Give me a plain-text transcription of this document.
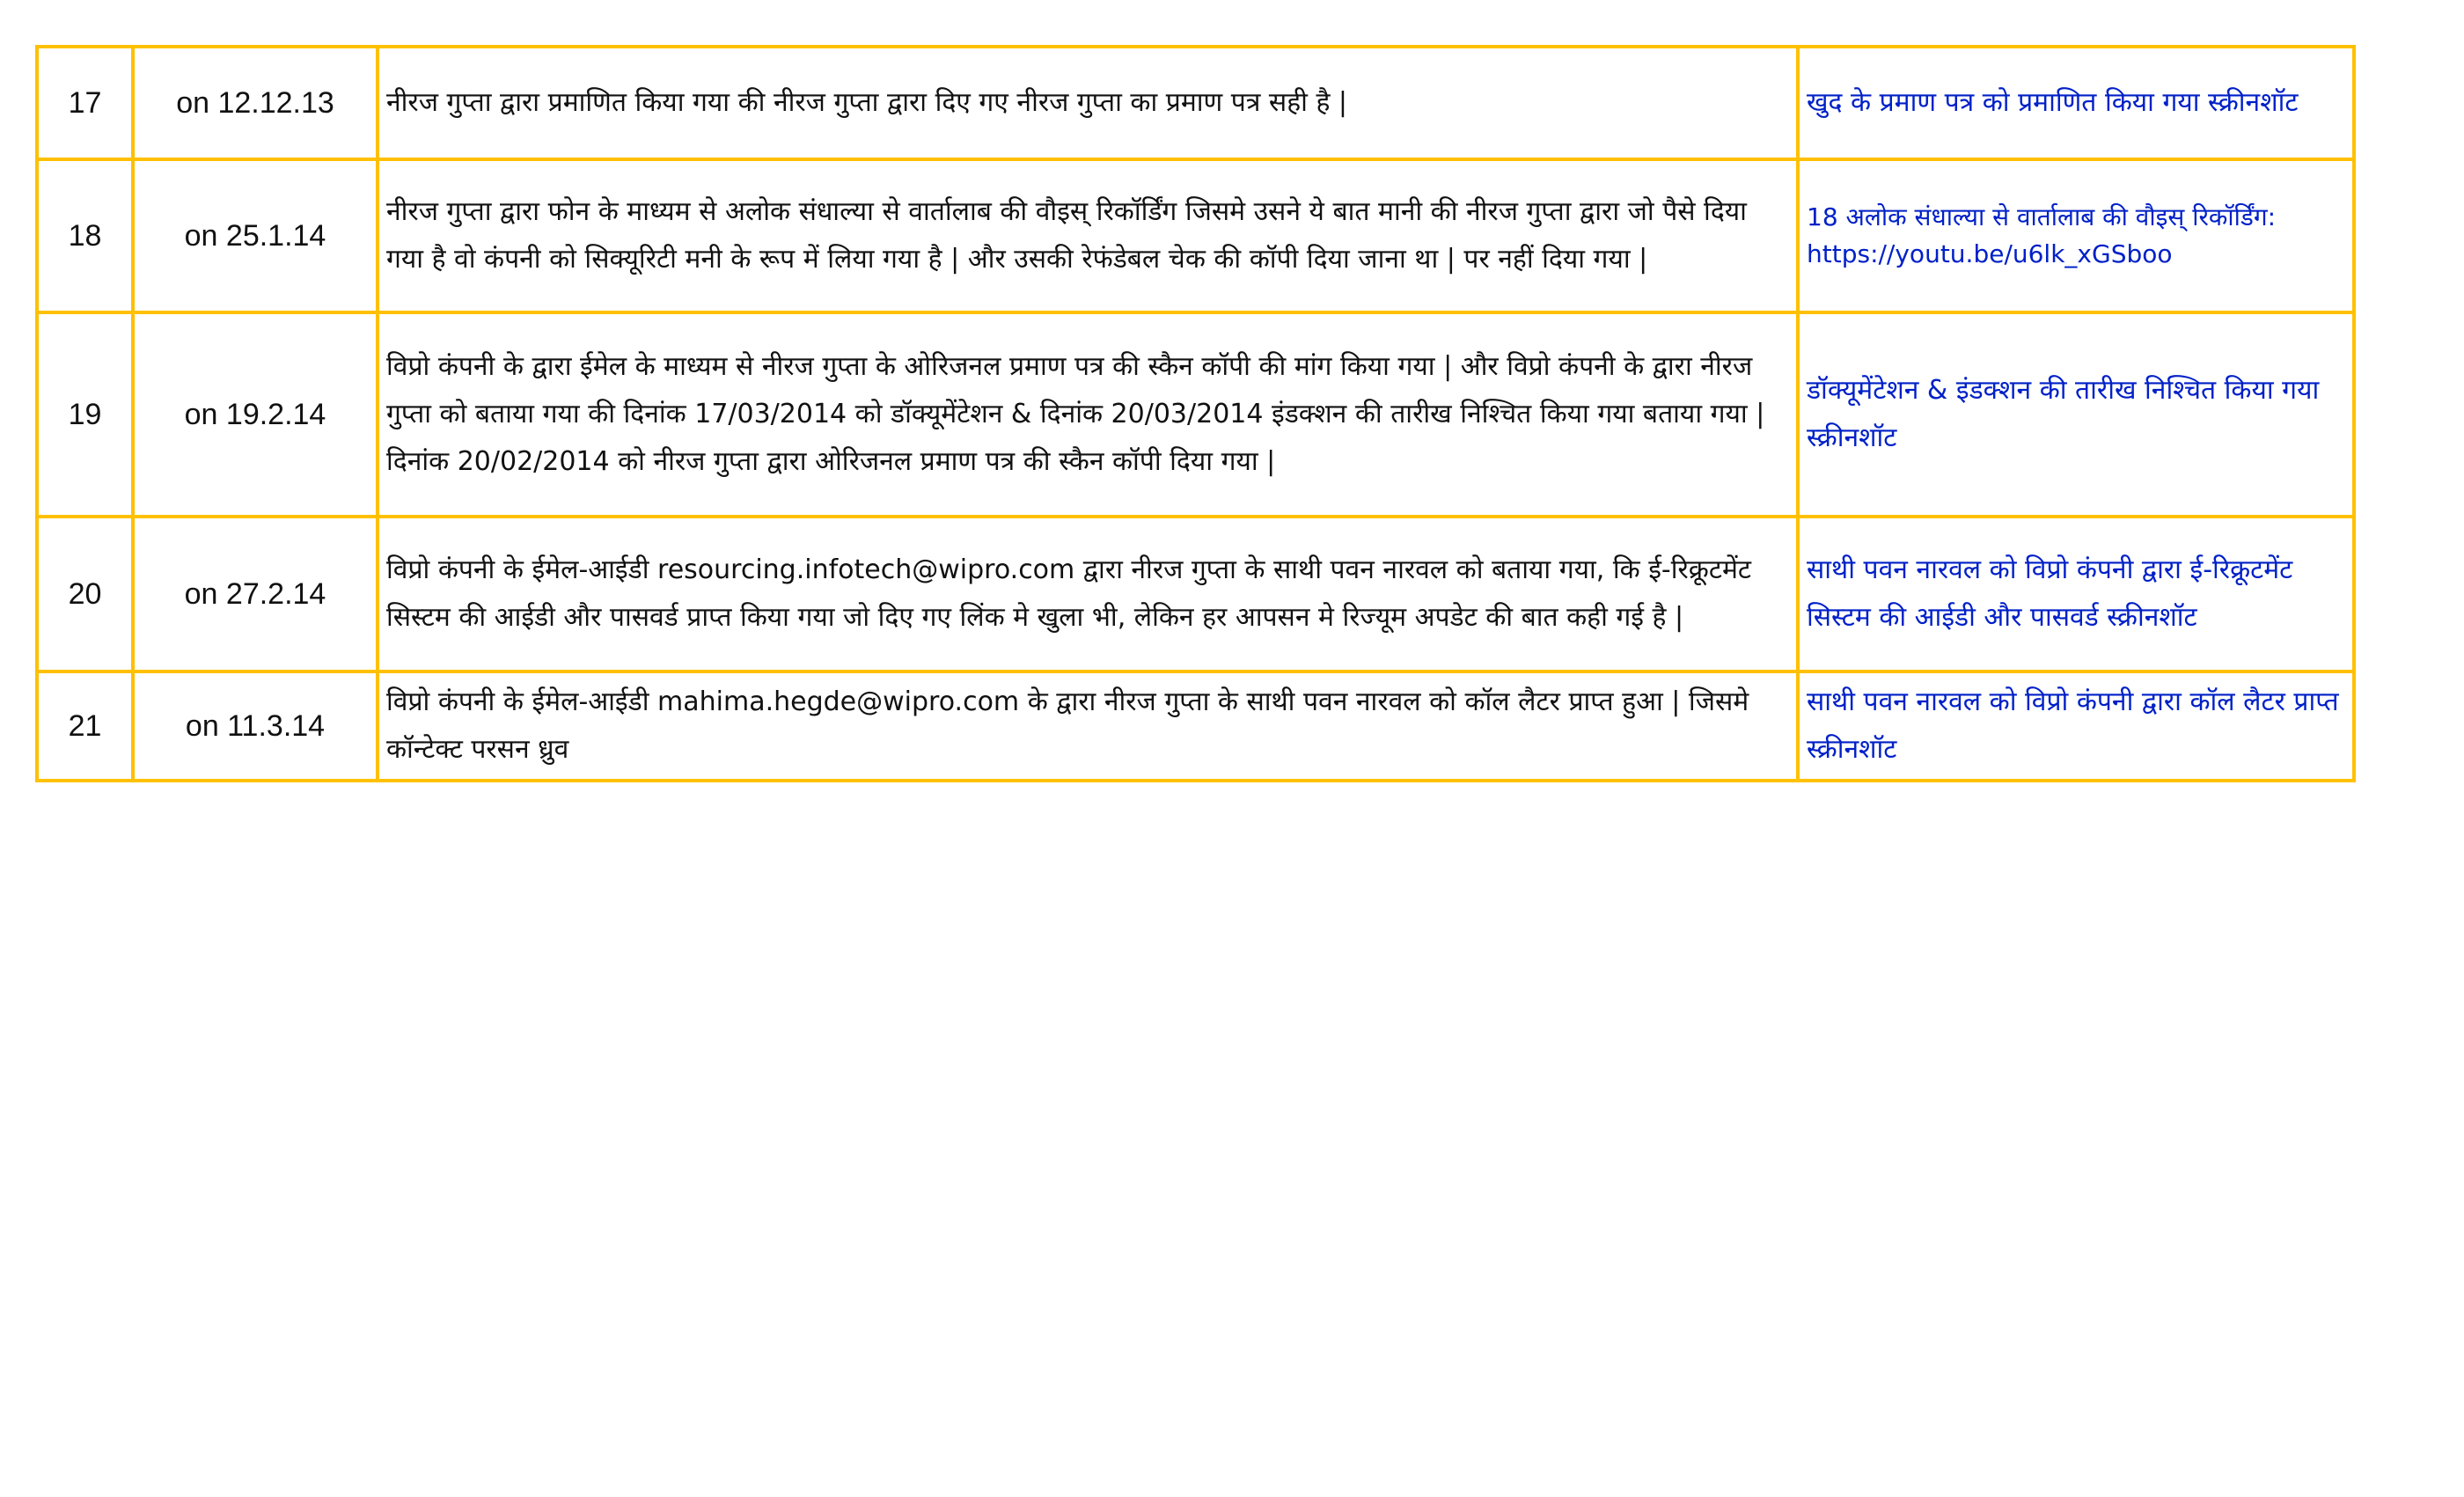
17	on 12.12.13	नीरज गुप्ता द्वारा प्रमाणित किया गया की नीरज गुप्ता द्वारा दिए गए नीरज गुप्ता का प्रमाण पत्र सही है |	खुद के प्रमाण पत्र को प्रमाणित किया गया स्क्रीनशॉट
18	on 25.1.14	नीरज गुप्ता द्वारा फोन के माध्यम से अलोक संधाल्या से वार्तालाब की वौइस् रिकॉर्डिंग जिसमे उसने ये बात मानी की नीरज गुप्ता द्वारा जो पैसे दिया गया है वो कंपनी को सिक्यूरिटी मनी के रूप में लिया गया है | और उसकी रेफंडेबल चेक की कॉपी दिया जाना था | पर नहीं दिया गया |	18 अलोक संधाल्या से वार्तालाब की वौइस् रिकॉर्डिंग: https://youtu.be/u6lk_xGSboo
19	on 19.2.14	विप्रो कंपनी के द्वारा ईमेल के माध्यम से नीरज गुप्ता के ओरिजनल प्रमाण पत्र की स्कैन कॉपी की मांग किया गया | और विप्रो कंपनी के द्वारा नीरज गुप्ता को बताया गया की दिनांक 17/03/2014 को डॉक्यूमेंटेशन & दिनांक 20/03/2014 इंडक्शन की तारीख निश्चित किया गया बताया गया | दिनांक 20/02/2014 को नीरज गुप्ता द्वारा ओरिजनल प्रमाण पत्र की स्कैन कॉपी दिया गया |	डॉक्यूमेंटेशन & इंडक्शन की तारीख निश्चित किया गया स्क्रीनशॉट
20	on 27.2.14	विप्रो कंपनी के ईमेल-आईडी resourcing.infotech@wipro.com द्वारा नीरज गुप्ता के साथी पवन नारवल को बताया गया, कि ई-रिक्रूटमेंट सिस्टम की आईडी और पासवर्ड प्राप्त किया गया जो दिए गए लिंक मे खुला भी, लेकिन हर आपसन मे रिज्यूम अपडेट की बात कही गई है |	साथी पवन नारवल को विप्रो कंपनी द्वारा ई-रिक्रूटमेंट सिस्टम की आईडी और पासवर्ड स्क्रीनशॉट
21	on 11.3.14	विप्रो कंपनी के ईमेल-आईडी mahima.hegde@wipro.com के द्वारा नीरज गुप्ता के साथी पवन नारवल को कॉल लैटर प्राप्त हुआ | जिसमे कॉन्टेक्ट परसन ध्रुव	साथी पवन नारवल को विप्रो कंपनी द्वारा कॉल लैटर प्राप्त स्क्रीनशॉट
